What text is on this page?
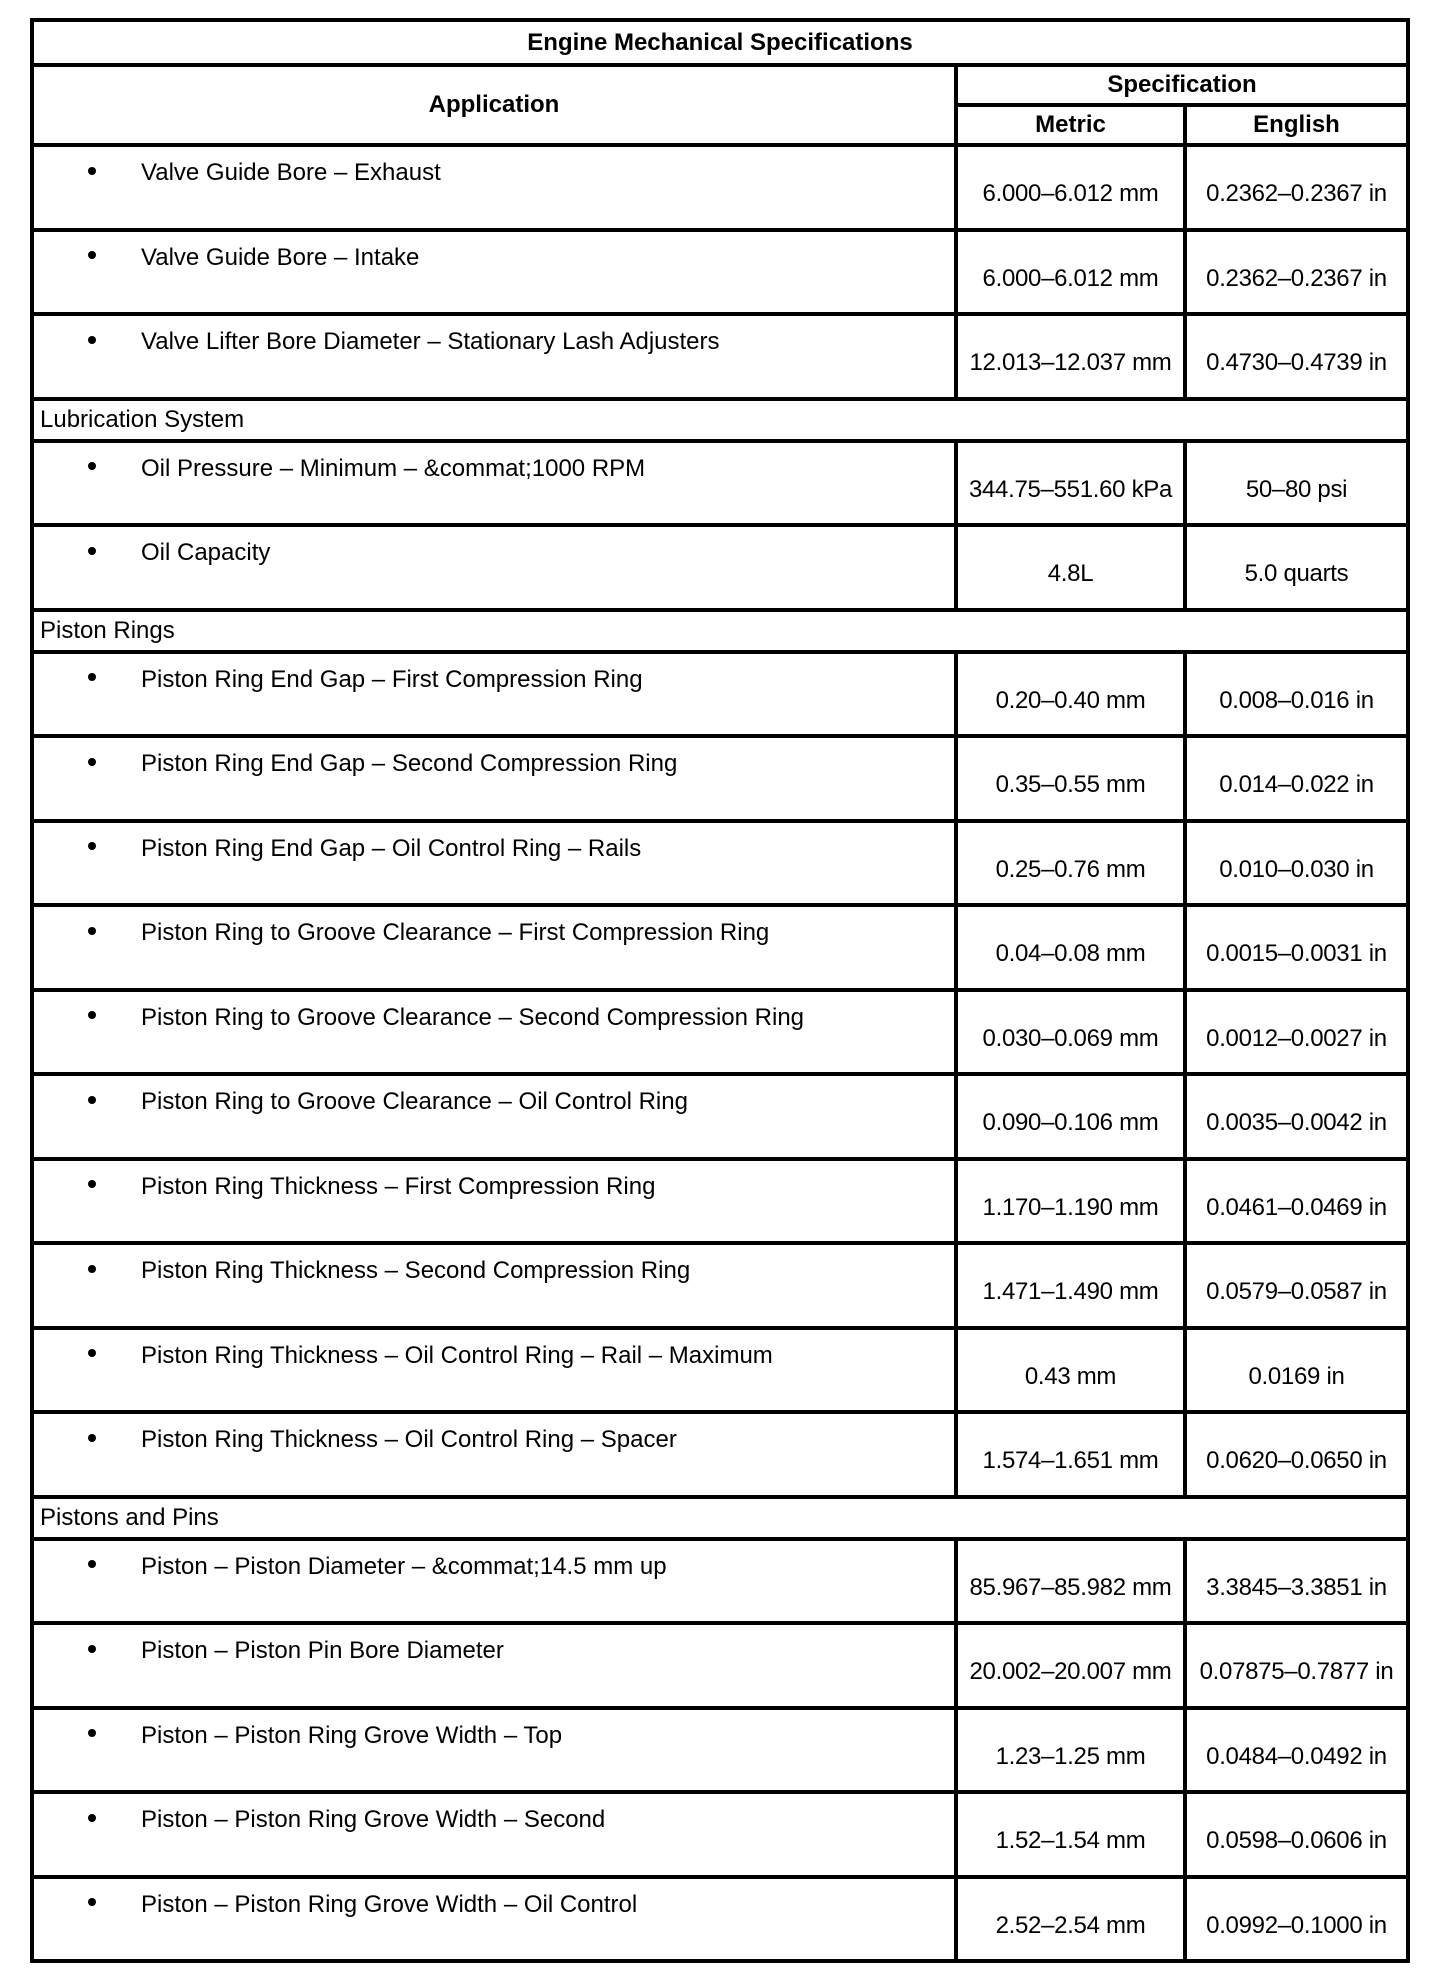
Engine Mechanical Specifications		
Application	Specification	
	Metric	English
Valve Guide Bore – Exhaust	6.000–6.012 mm	0.2362–0.2367 in
Valve Guide Bore – Intake	6.000–6.012 mm	0.2362–0.2367 in
Valve Lifter Bore Diameter – Stationary Lash Adjusters	12.013–12.037 mm	0.4730–0.4739 in
Lubrication System		
Oil Pressure – Minimum – &commat;1000 RPM	344.75–551.60 kPa	50–80 psi
Oil Capacity	4.8L	5.0 quarts
Piston Rings		
Piston Ring End Gap – First Compression Ring	0.20–0.40 mm	0.008–0.016 in
Piston Ring End Gap – Second Compression Ring	0.35–0.55 mm	0.014–0.022 in
Piston Ring End Gap – Oil Control Ring – Rails	0.25–0.76 mm	0.010–0.030 in
Piston Ring to Groove Clearance – First Compression Ring	0.04–0.08 mm	0.0015–0.0031 in
Piston Ring to Groove Clearance – Second Compression Ring	0.030–0.069 mm	0.0012–0.0027 in
Piston Ring to Groove Clearance – Oil Control Ring	0.090–0.106 mm	0.0035–0.0042 in
Piston Ring Thickness – First Compression Ring	1.170–1.190 mm	0.0461–0.0469 in
Piston Ring Thickness – Second Compression Ring	1.471–1.490 mm	0.0579–0.0587 in
Piston Ring Thickness – Oil Control Ring – Rail – Maximum	0.43 mm	0.0169 in
Piston Ring Thickness – Oil Control Ring – Spacer	1.574–1.651 mm	0.0620–0.0650 in
Pistons and Pins		
Piston – Piston Diameter – &commat;14.5 mm up	85.967–85.982 mm	3.3845–3.3851 in
Piston – Piston Pin Bore Diameter	20.002–20.007 mm	0.07875–0.7877 in
Piston – Piston Ring Grove Width – Top	1.23–1.25 mm	0.0484–0.0492 in
Piston – Piston Ring Grove Width – Second	1.52–1.54 mm	0.0598–0.0606 in
Piston – Piston Ring Grove Width – Oil Control	2.52–2.54 mm	0.0992–0.1000 in
